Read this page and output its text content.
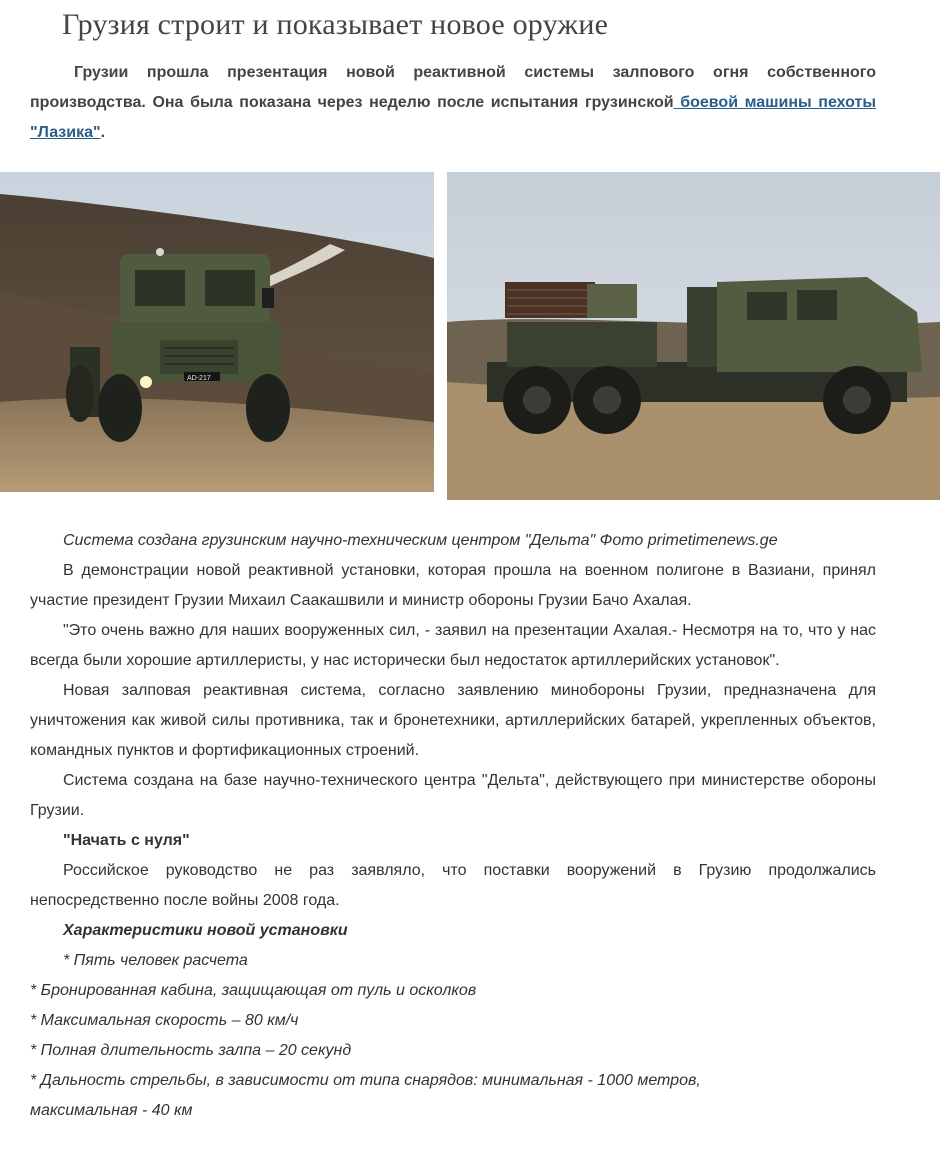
Грузия строит и показывает новое оружие

Грузии прошла презентация новой реактивной системы залпового огня собственного производства. Она была показана через неделю после испытания грузинской боевой машины пехоты "Лазика".

AD-217

Система создана грузинским научно-техническим центром "Дельта" Фото primetimenews.ge

В демонстрации новой реактивной установки, которая прошла на военном полигоне в Вазиани, принял участие президент Грузии Михаил Саакашвили и министр обороны Грузии Бачо Ахалая.

"Это очень важно для наших вооруженных сил, - заявил на презентации Ахалая.- Несмотря на то, что у нас всегда были хорошие артиллеристы, у нас исторически был недостаток артиллерийских установок".

Новая залповая реактивная система, согласно заявлению минобороны Грузии, предназначена для уничтожения как живой силы противника, так и бронетехники, артиллерийских батарей, укрепленных объектов, командных пунктов и фортификационных строений.

Система создана на базе научно-технического центра "Дельта", действующего при министерстве обороны Грузии.

"Начать с нуля"

Российское руководство не раз заявляло, что поставки вооружений в Грузию продолжались непосредственно после войны 2008 года.

Характеристики новой установки

* Пять человек расчета

* Бронированная кабина, защищающая от пуль и осколков

* Максимальная скорость – 80 км/ч

* Полная длительность залпа – 20 секунд

* Дальность стрельбы, в зависимости от типа снарядов: минимальная - 1000 метров, максимальная - 40 км
